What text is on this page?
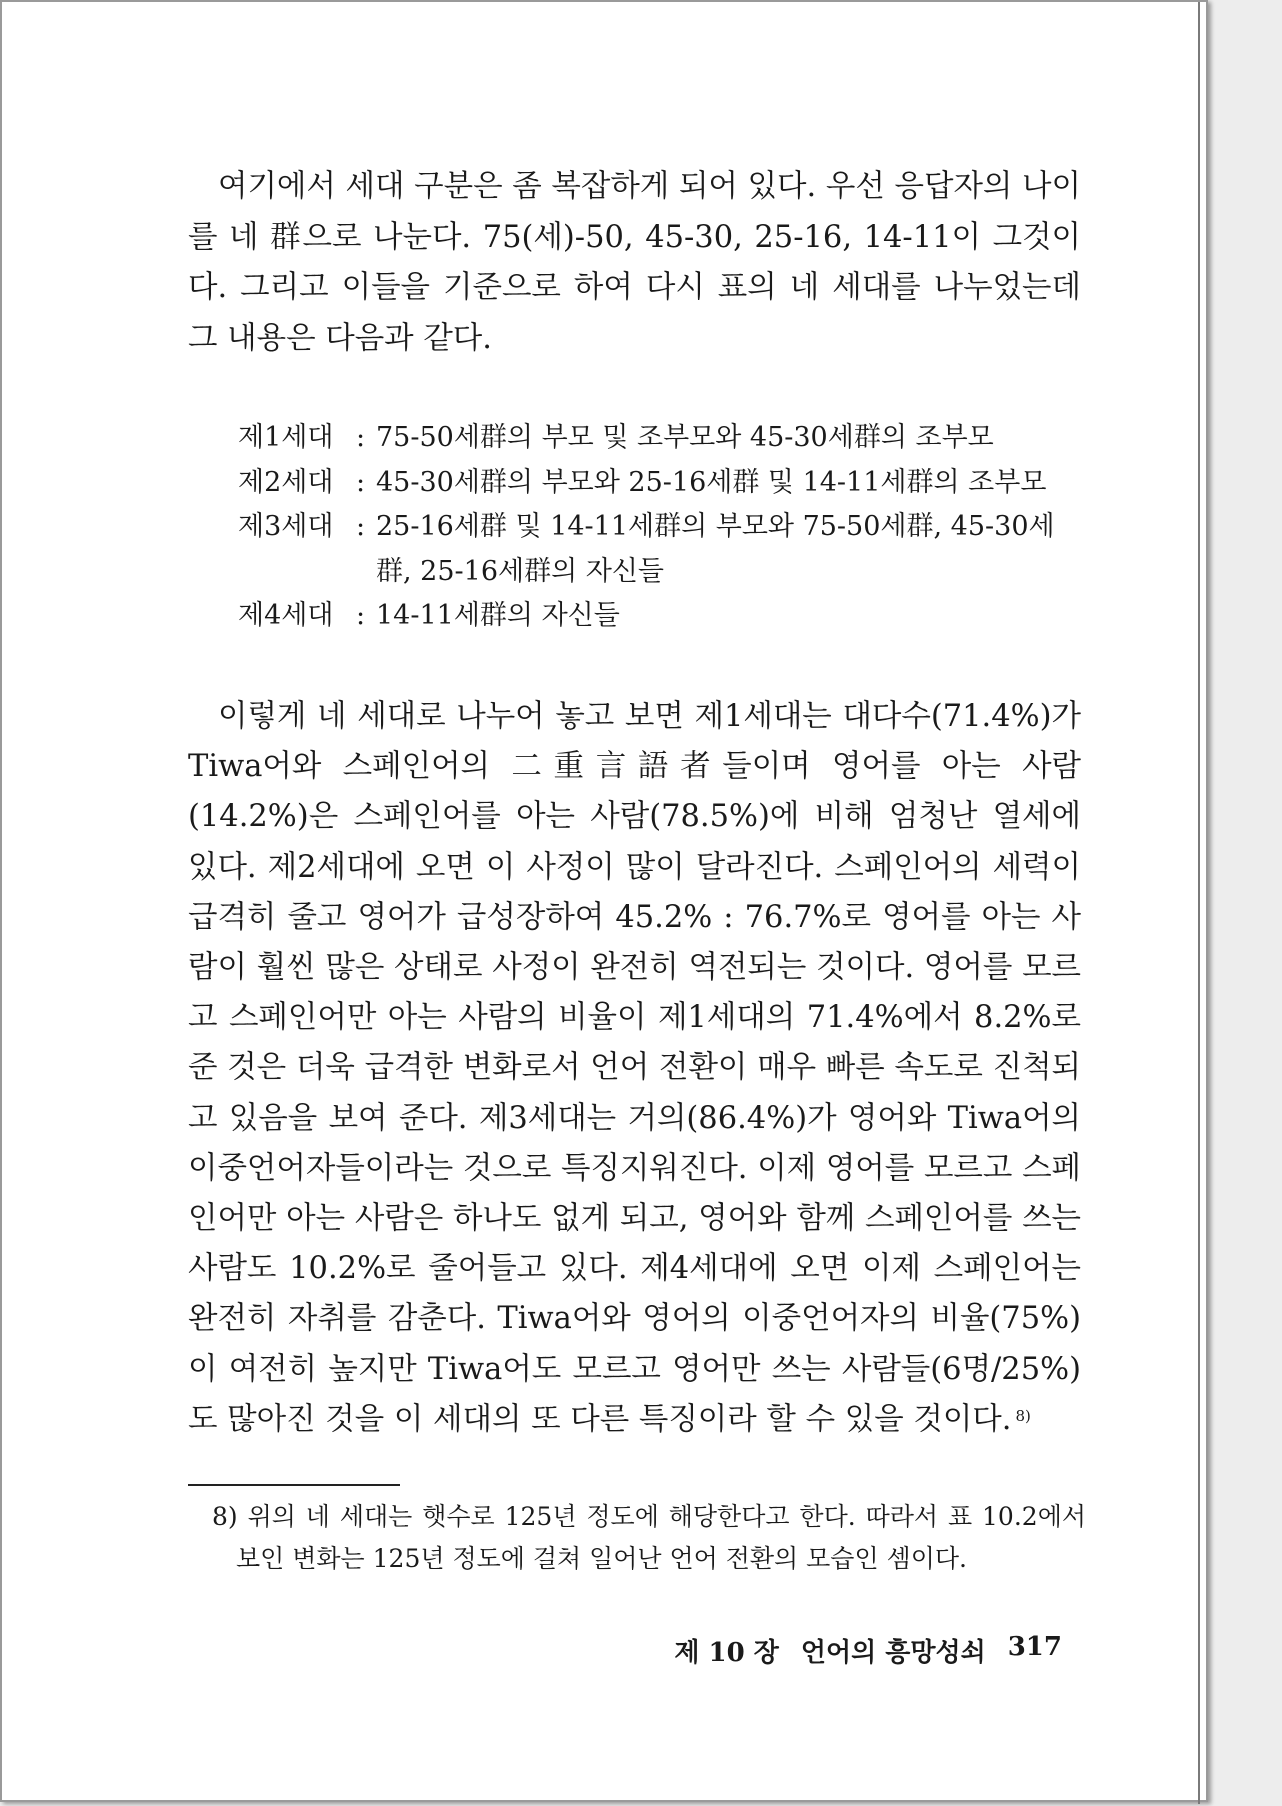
여기에서 세대 구분은 좀 복잡하게 되어 있다. 우선 응답자의 나이를 네 群으로 나눈다. 75(세)-50, 45-30, 25-16, 14-11이 그것이다. 그리고 이들을 기준으로 하여 다시 표의 네 세대를 나누었는데 그 내용은 다음과 같다.

제1세대 : 75-50세群의 부모 및 조부모와 45-30세群의 조부모
제2세대 : 45-30세群의 부모와 25-16세群 및 14-11세群의 조부모
제3세대 : 25-16세群 및 14-11세群의 부모와 75-50세群, 45-30세群, 25-16세群의 자신들
제4세대 : 14-11세群의 자신들

이렇게 네 세대로 나누어 놓고 보면 제1세대는 대다수(71.4%)가 Tiwa어와 스페인어의 二重言語者들이며 영어를 아는 사람(14.2%)은 스페인어를 아는 사람(78.5%)에 비해 엄청난 열세에 있다. 제2세대에 오면 이 사정이 많이 달라진다. 스페인어의 세력이 급격히 줄고 영어가 급성장하여 45.2% : 76.7%로 영어를 아는 사람이 훨씬 많은 상태로 사정이 완전히 역전되는 것이다. 영어를 모르고 스페인어만 아는 사람의 비율이 제1세대의 71.4%에서 8.2%로 준 것은 더욱 급격한 변화로서 언어 전환이 매우 빠른 속도로 진척되고 있음을 보여 준다. 제3세대는 거의(86.4%)가 영어와 Tiwa어의 이중언어자들이라는 것으로 특징지워진다. 이제 영어를 모르고 스페인어만 아는 사람은 하나도 없게 되고, 영어와 함께 스페인어를 쓰는 사람도 10.2%로 줄어들고 있다. 제4세대에 오면 이제 스페인어는 완전히 자취를 감춘다. Tiwa어와 영어의 이중언어자의 비율(75%)이 여전히 높지만 Tiwa어도 모르고 영어만 쓰는 사람들(6명/25%)도 많아진 것을 이 세대의 또 다른 특징이라 할 수 있을 것이다. $^{8)}$

8) 위의 네 세대는 햇수로 125년 정도에 해당한다고 한다. 따라서 표 10.2에서 보인 변화는 125년 정도에 걸쳐 일어난 언어 전환의 모습인 셈이다.

제 10 장 언어의 흥망성쇠 317
